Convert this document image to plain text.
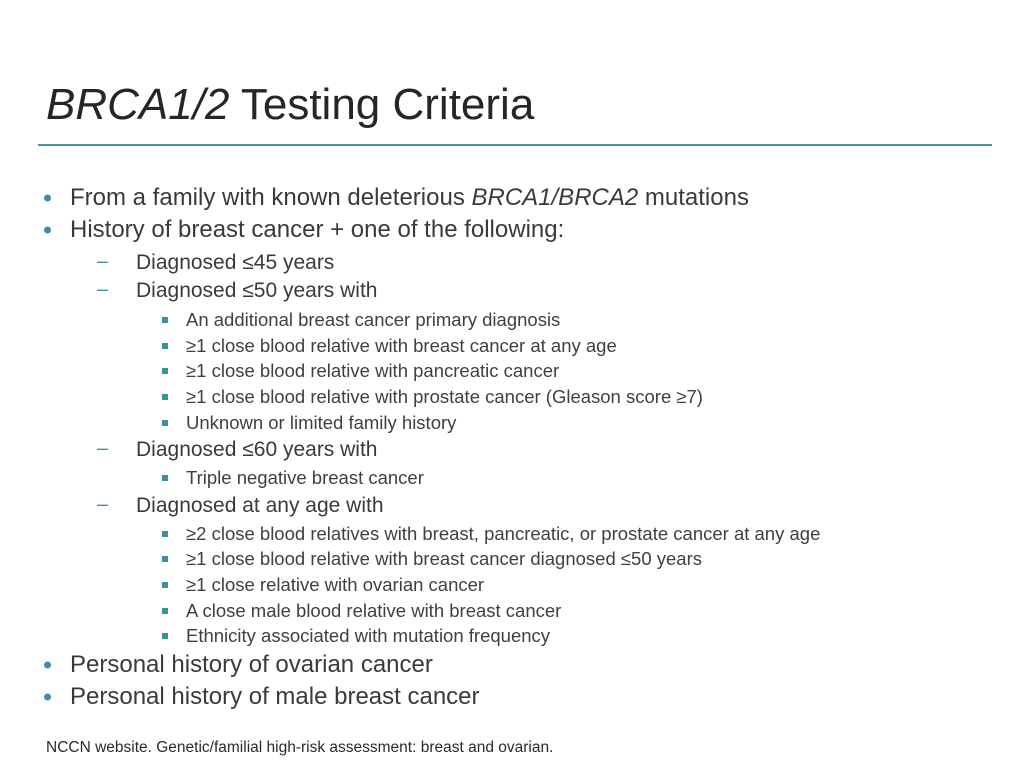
BRCA1/2 Testing Criteria
From a family with known deleterious BRCA1/BRCA2 mutations
History of breast cancer + one of the following:
– Diagnosed ≤45 years
– Diagnosed ≤50 years with
An additional breast cancer primary diagnosis
≥1 close blood relative with breast cancer at any age
≥1 close blood relative with pancreatic cancer
≥1 close blood relative with prostate cancer (Gleason score ≥7)
Unknown or limited family history
– Diagnosed ≤60 years with
Triple negative breast cancer
– Diagnosed at any age with
≥2 close blood relatives with breast, pancreatic, or prostate cancer at any age
≥1 close blood relative with breast cancer diagnosed ≤50 years
≥1 close relative with ovarian cancer
A close male blood relative with breast cancer
Ethnicity associated with mutation frequency
Personal history of ovarian cancer
Personal history of male breast cancer
NCCN website. Genetic/familial high-risk assessment: breast and ovarian.
